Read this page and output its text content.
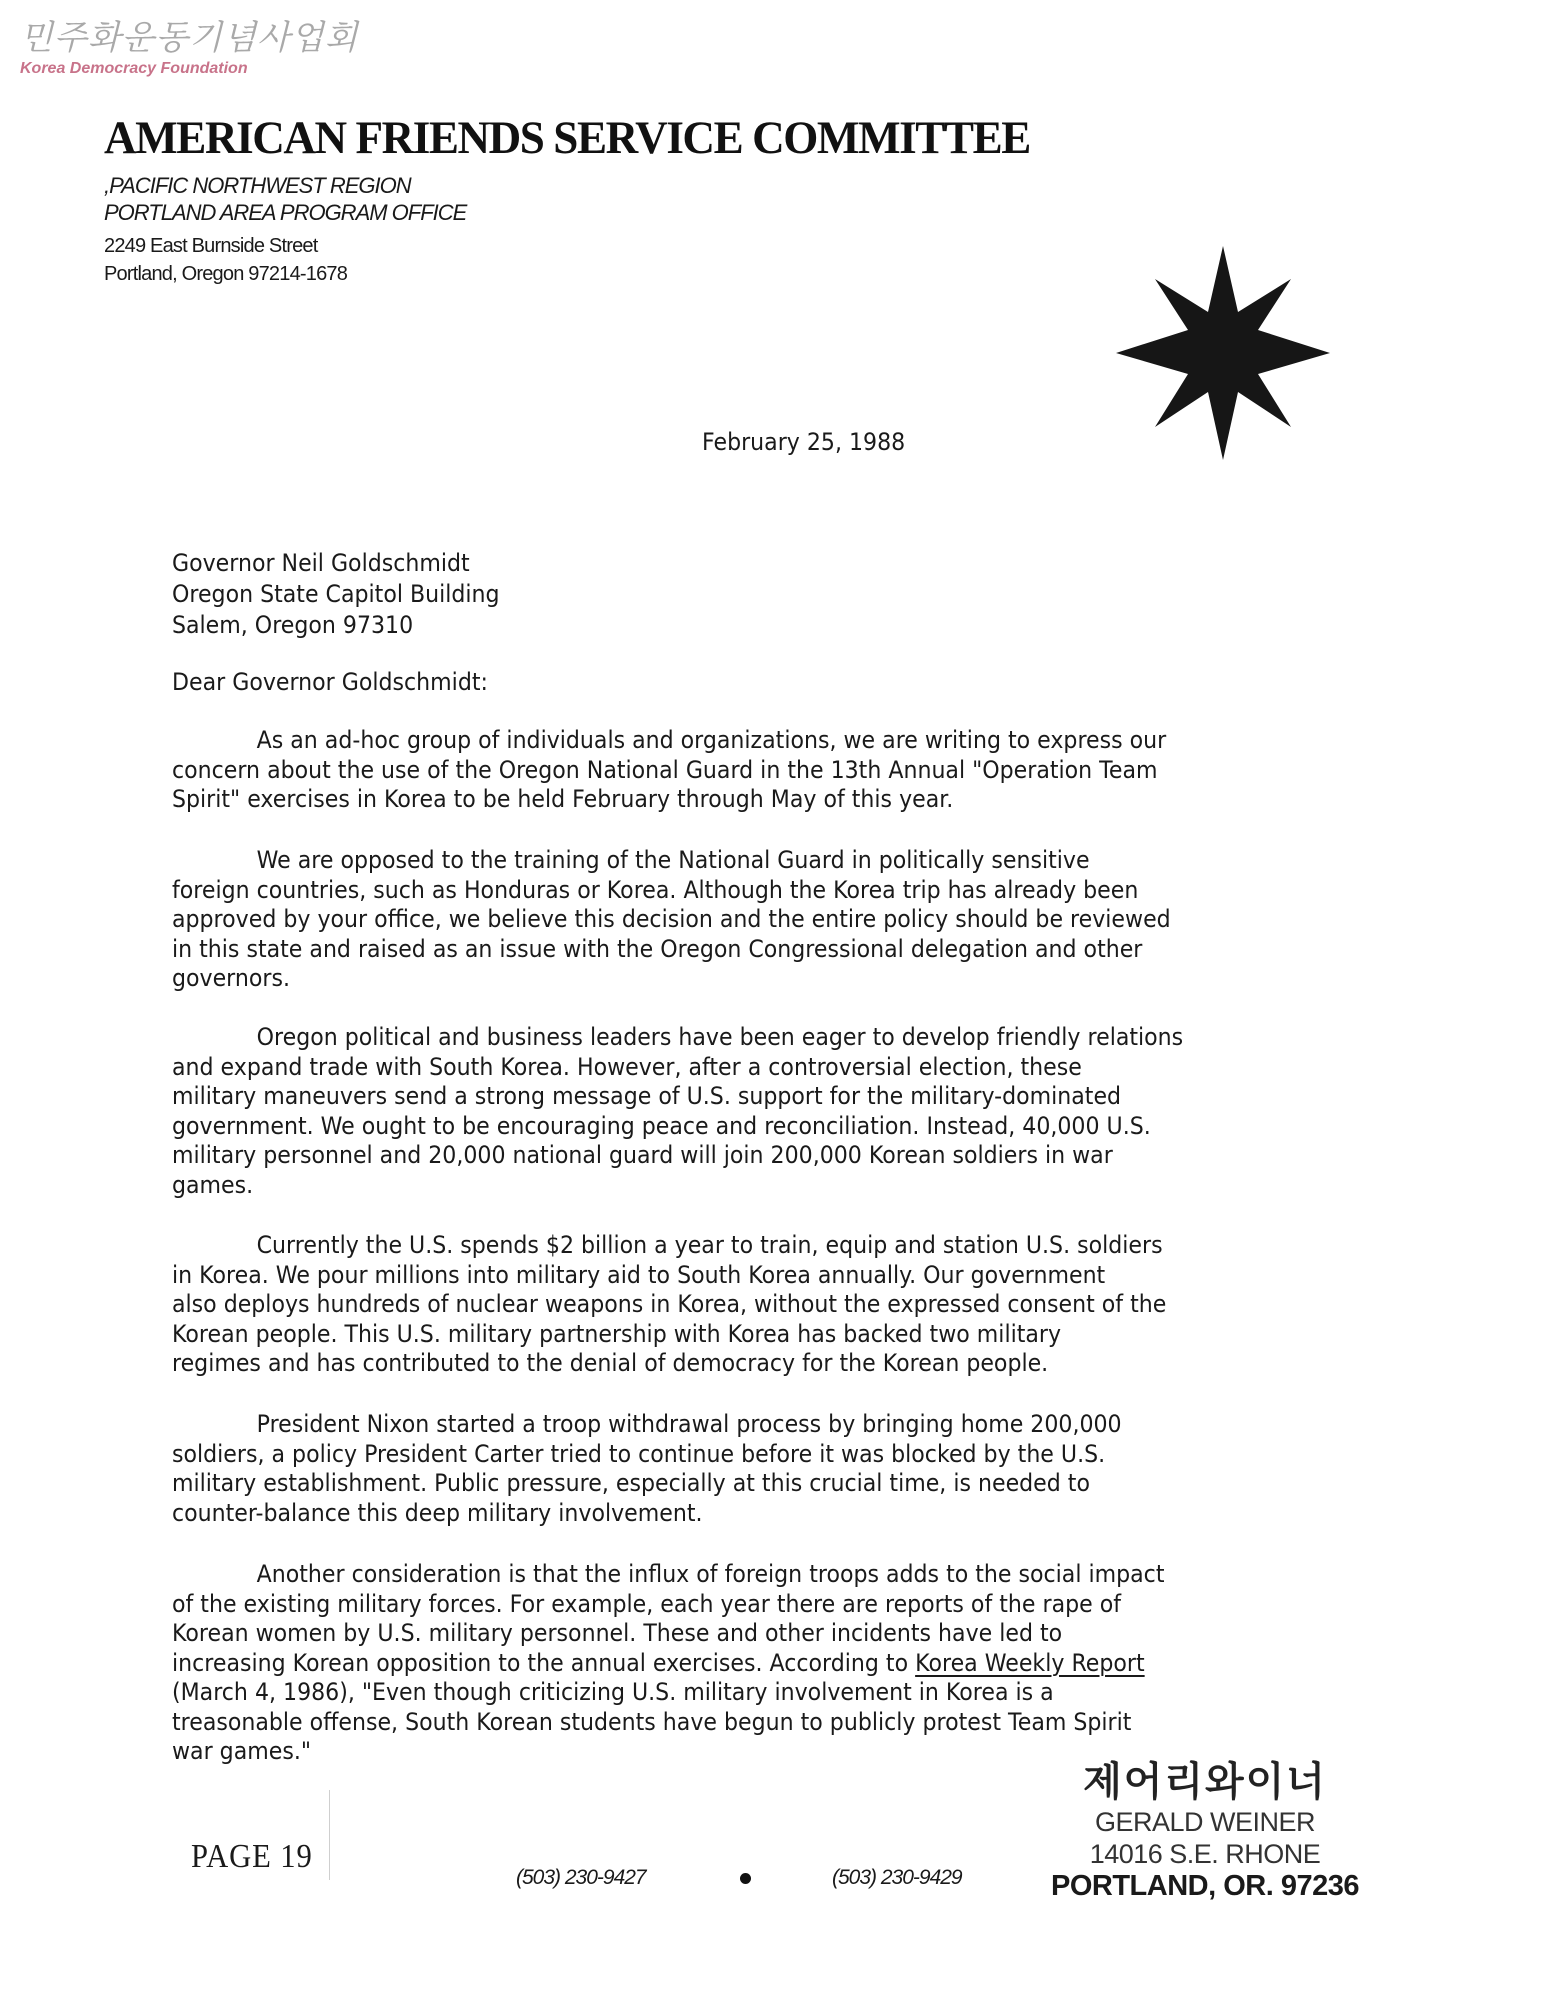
민주화운동기념사업회
Korea Democracy Foundation
AMERICAN FRIENDS SERVICE COMMITTEE
,PACIFIC NORTHWEST REGION
PORTLAND AREA PROGRAM OFFICE
2249 East Burnside Street
Portland, Oregon 97214-1678
February 25, 1988
Governor Neil Goldschmidt
Oregon State Capitol Building
Salem, Oregon 97310
Dear Governor Goldschmidt:
As an ad-hoc group of individuals and organizations, we are writing to express our
concern about the use of the Oregon National Guard in the 13th Annual "Operation Team
Spirit" exercises in Korea to be held February through May of this year.
We are opposed to the training of the National Guard in politically sensitive
foreign countries, such as Honduras or Korea. Although the Korea trip has already been
approved by your office, we believe this decision and the entire policy should be reviewed
in this state and raised as an issue with the Oregon Congressional delegation and other
governors.
Oregon political and business leaders have been eager to develop friendly relations
and expand trade with South Korea. However, after a controversial election, these
military maneuvers send a strong message of U.S. support for the military-dominated
government. We ought to be encouraging peace and reconciliation. Instead, 40,000 U.S.
military personnel and 20,000 national guard will join 200,000 Korean soldiers in war
games.
Currently the U.S. spends $2 billion a year to train, equip and station U.S. soldiers
in Korea. We pour millions into military aid to South Korea annually. Our government
also deploys hundreds of nuclear weapons in Korea, without the expressed consent of the
Korean people. This U.S. military partnership with Korea has backed two military
regimes and has contributed to the denial of democracy for the Korean people.
President Nixon started a troop withdrawal process by bringing home 200,000
soldiers, a policy President Carter tried to continue before it was blocked by the U.S.
military establishment. Public pressure, especially at this crucial time, is needed to
counter-balance this deep military involvement.
Another consideration is that the influx of foreign troops adds to the social impact
of the existing military forces. For example, each year there are reports of the rape of
Korean women by U.S. military personnel. These and other incidents have led to
increasing Korean opposition to the annual exercises. According to Korea Weekly Report
(March 4, 1986), "Even though criticizing U.S. military involvement in Korea is a
treasonable offense, South Korean students have begun to publicly protest Team Spirit
war games."
PAGE 19
(503) 230-9427	(503) 230-9429
제어리와이너
GERALD WEINER
14016 S.E. RHONE
PORTLAND, OR. 97236
